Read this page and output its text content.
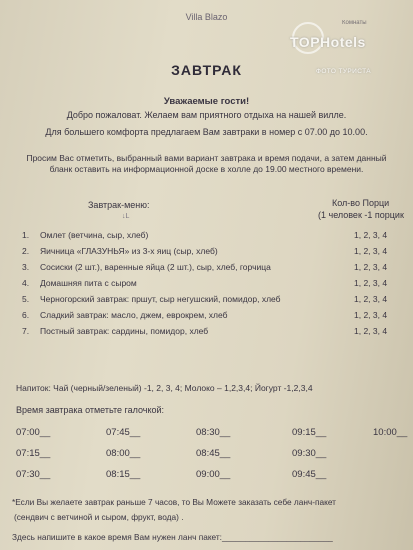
Villa Blazo
ЗАВТРАК
Уважаемые гости!
Добро пожаловат. Желаем вам приятного отдыха на нашей вилле.
Для большего комфорта предлагаем Вам завтраки в номер с 07.00 до 10.00.
Просим Вас отметить, выбранный вами вариант завтрака и время подачи, а затем данный
бланк оставить на информационной доске в холле до 19.00 местного времени.
Завтрак-меню:
↓L
Кол-во Порци
(1 человек -1 порцик
1. Омлет (ветчина, сыр, хлеб)	1, 2, 3, 4
2. Яичница «ГЛАЗУНЬЯ» из 3-х яиц (сыр, хлеб)	1, 2, 3, 4
3. Сосиски (2 шт.), варенные яйца (2 шт.), сыр, хлеб, горчица	1, 2, 3, 4
4. Домашняя пита с сыром	1, 2, 3, 4
5. Черногорский завтрак: пршут, сыр негушский, помидор, хлеб	1, 2, 3, 4
6. Сладкий завтрак: масло, джем, еврокрем, хлеб	1, 2, 3, 4
7. Постный завтрак: сардины, помидор, хлеб	1, 2, 3, 4
Напиток: Чай (черный/зеленый) -1, 2, 3, 4; Молоко – 1,2,3,4; Йогурт -1,2,3,4
Время завтрака отметьте галочкой:
07:00__	07:45__	08:30__	09:15__	10:00__
07:15__	08:00__	08:45__	09:30__
07:30__	08:15__	09:00__	09:45__
*Если Вы желаете завтрак раньше 7 часов, то Вы Можете заказать себе ланч-пакет
(сендвич с ветчиной и сыром, фрукт, вода) .
Здесь напишите в какое время Вам нужен ланч пакет:________________________
Комнаты
TOPHotels
ФОТО ТУРИСТА
